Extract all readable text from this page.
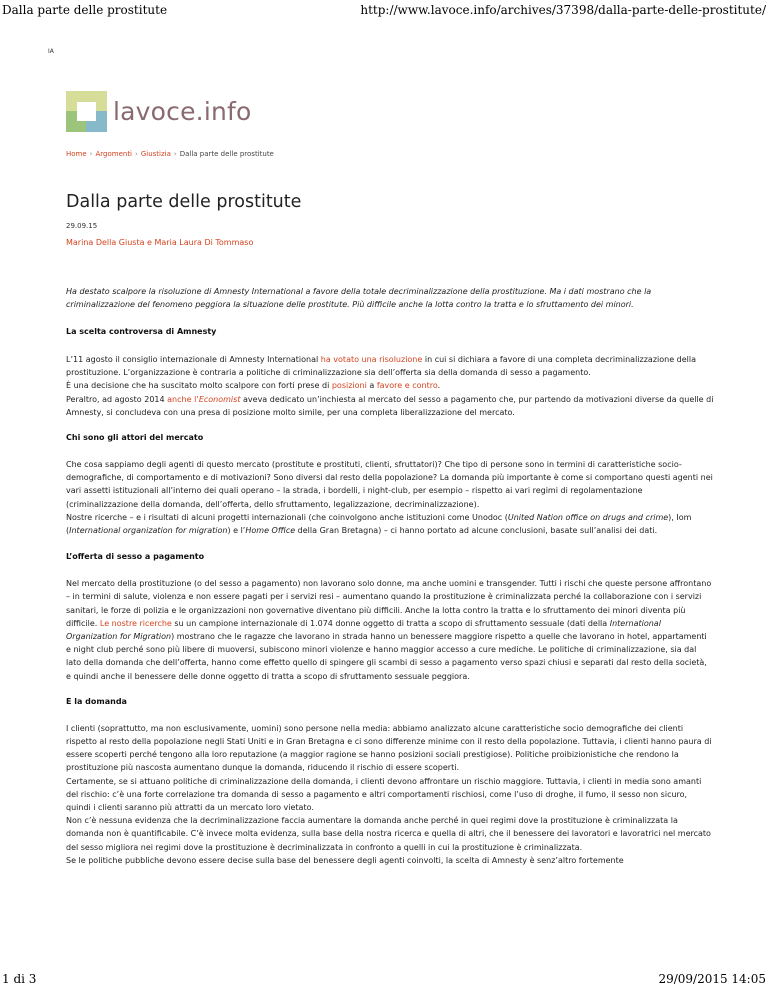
Dalla parte delle prostitute	http://www.lavoce.info/archives/37398/dalla-parte-delle-prostitute/
IA
lavoce.info
Home › Argomenti › Giustizia › Dalla parte delle prostitute
Dalla parte delle prostitute
29.09.15
Marina Della Giusta e Maria Laura Di Tommaso

Ha destato scalpore la risoluzione di Amnesty International a favore della totale decriminalizzazione della prostituzione. Ma i dati mostrano che la criminalizzazione del fenomeno peggiora la situazione delle prostitute. Più difficile anche la lotta contro la tratta e lo sfruttamento dei minori.

La scelta controversa di Amnesty

L’11 agosto il consiglio internazionale di Amnesty International ha votato una risoluzione in cui si dichiara a favore di una completa decriminalizzazione della prostituzione. L’organizzazione è contraria a politiche di criminalizzazione sia dell’offerta sia della domanda di sesso a pagamento.
È una decisione che ha suscitato molto scalpore con forti prese di posizioni a favore e contro.
Peraltro, ad agosto 2014 anche l’Economist aveva dedicato un’inchiesta al mercato del sesso a pagamento che, pur partendo da motivazioni diverse da quelle di Amnesty, si concludeva con una presa di posizione molto simile, per una completa liberalizzazione del mercato.

Chi sono gli attori del mercato

Che cosa sappiamo degli agenti di questo mercato (prostitute e prostituti, clienti, sfruttatori)? Che tipo di persone sono in termini di caratteristiche socio-demografiche, di comportamento e di motivazioni? Sono diversi dal resto della popolazione? La domanda più importante è come si comportano questi agenti nei vari assetti istituzionali all’interno dei quali operano – la strada, i bordelli, i night-club, per esempio – rispetto ai vari regimi di regolamentazione (criminalizzazione della domanda, dell’offerta, dello sfruttamento, legalizzazione, decriminalizzazione).
Nostre ricerche – e i risultati di alcuni progetti internazionali (che coinvolgono anche istituzioni come Unodoc (United Nation office on drugs and crime), Iom (International organization for migration) e l’Home Office della Gran Bretagna) – ci hanno portato ad alcune conclusioni, basate sull’analisi dei dati.

L’offerta di sesso a pagamento

Nel mercato della prostituzione (o del sesso a pagamento) non lavorano solo donne, ma anche uomini e transgender. Tutti i rischi che queste persone affrontano – in termini di salute, violenza e non essere pagati per i servizi resi – aumentano quando la prostituzione è criminalizzata perché la collaborazione con i servizi sanitari, le forze di polizia e le organizzazioni non governative diventano più difficili. Anche la lotta contro la tratta e lo sfruttamento dei minori diventa più difficile. Le nostre ricerche su un campione internazionale di 1.074 donne oggetto di tratta a scopo di sfruttamento sessuale (dati della International Organization for Migration) mostrano che le ragazze che lavorano in strada hanno un benessere maggiore rispetto a quelle che lavorano in hotel, appartamenti e night club perché sono più libere di muoversi, subiscono minori violenze e hanno maggior accesso a cure mediche. Le politiche di criminalizzazione, sia dal lato della domanda che dell’offerta, hanno come effetto quello di spingere gli scambi di sesso a pagamento verso spazi chiusi e separati dal resto della società, e quindi anche il benessere delle donne oggetto di tratta a scopo di sfruttamento sessuale peggiora.

E la domanda

I clienti (soprattutto, ma non esclusivamente, uomini) sono persone nella media: abbiamo analizzato alcune caratteristiche socio demografiche dei clienti rispetto al resto della popolazione negli Stati Uniti e in Gran Bretagna e ci sono differenze minime con il resto della popolazione. Tuttavia, i clienti hanno paura di essere scoperti perché tengono alla loro reputazione (a maggior ragione se hanno posizioni sociali prestigiose). Politiche proibizionistiche che rendono la prostituzione più nascosta aumentano dunque la domanda, riducendo il rischio di essere scoperti.
Certamente, se si attuano politiche di criminalizzazione della domanda, i clienti devono affrontare un rischio maggiore. Tuttavia, i clienti in media sono amanti del rischio: c’è una forte correlazione tra domanda di sesso a pagamento e altri comportamenti rischiosi, come l’uso di droghe, il fumo, il sesso non sicuro, quindi i clienti saranno più attratti da un mercato loro vietato.
Non c’è nessuna evidenza che la decriminalizzazione faccia aumentare la domanda anche perché in quei regimi dove la prostituzione è criminalizzata la domanda non è quantificabile. C’è invece molta evidenza, sulla base della nostra ricerca e quella di altri, che il benessere dei lavoratori e lavoratrici nel mercato del sesso migliora nei regimi dove la prostituzione è decriminalizzata in confronto a quelli in cui la prostituzione è criminalizzata.
Se le politiche pubbliche devono essere decise sulla base del benessere degli agenti coinvolti, la scelta di Amnesty è senz’altro fortemente

1 di 3	29/09/2015 14:05
